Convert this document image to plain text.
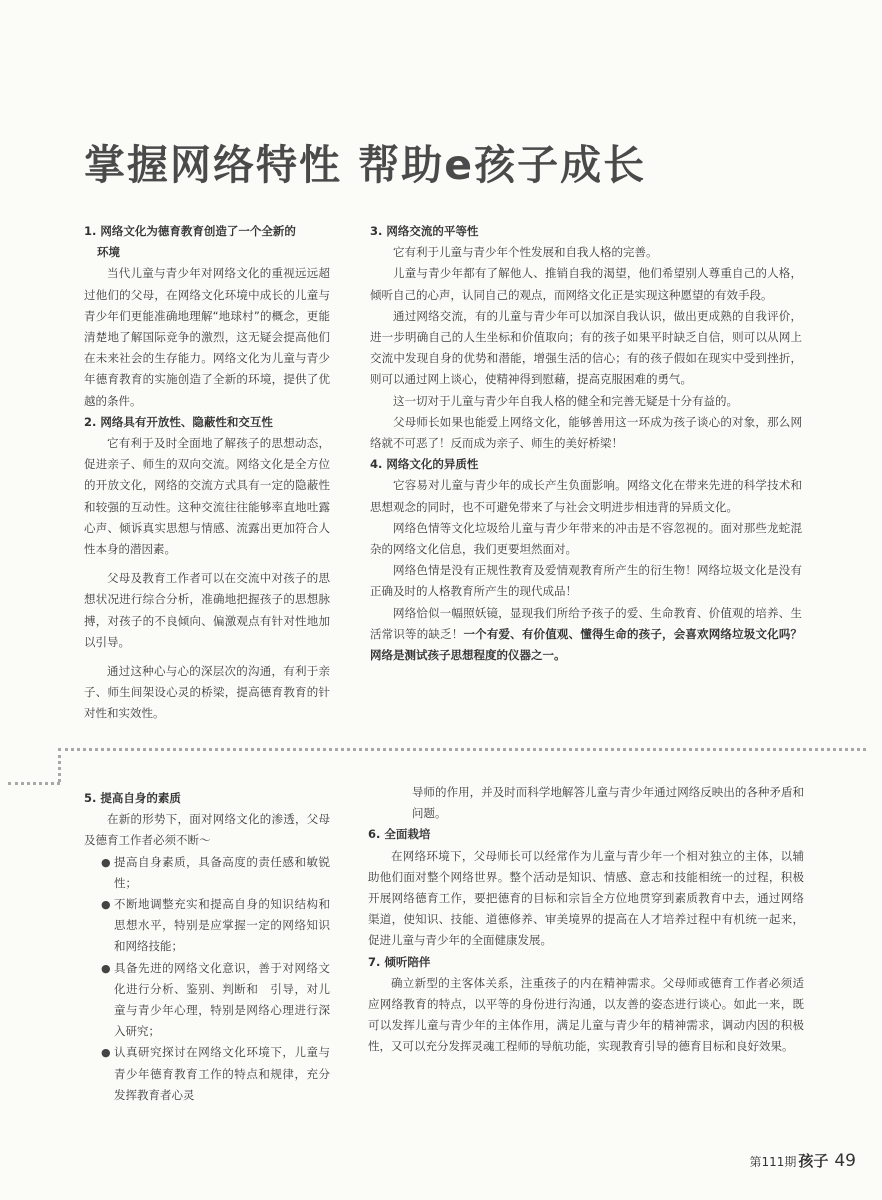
掌握网络特性 帮助e孩子成长

1. 网络文化为德育教育创造了一个全新的

环境

当代儿童与青少年对网络文化的重视远远超过他们的父母，在网络文化环境中成长的儿童与青少年们更能准确地理解“地球村”的概念，更能清楚地了解国际竞争的激烈，这无疑会提高他们在未来社会的生存能力。网络文化为儿童与青少年德育教育的实施创造了全新的环境，提供了优越的条件。

2. 网络具有开放性、隐蔽性和交互性

它有利于及时全面地了解孩子的思想动态，促进亲子、师生的双向交流。网络文化是全方位的开放文化，网络的交流方式具有一定的隐蔽性和较强的互动性。这种交流往往能够率直地吐露心声、倾诉真实思想与情感、流露出更加符合人性本身的潜因素。

父母及教育工作者可以在交流中对孩子的思想状况进行综合分析，准确地把握孩子的思想脉搏，对孩子的不良倾向、偏激观点有针对性地加以引导。

通过这种心与心的深层次的沟通，有利于亲子、师生间架设心灵的桥梁，提高德育教育的针对性和实效性。

3. 网络交流的平等性

它有利于儿童与青少年个性发展和自我人格的完善。

儿童与青少年都有了解他人、推销自我的渴望，他们希望别人尊重自己的人格，倾听自己的心声，认同自己的观点，而网络文化正是实现这种愿望的有效手段。

通过网络交流，有的儿童与青少年可以加深自我认识，做出更成熟的自我评价，进一步明确自己的人生坐标和价值取向；有的孩子如果平时缺乏自信，则可以从网上交流中发现自身的优势和潜能，增强生活的信心；有的孩子假如在现实中受到挫折，则可以通过网上谈心，使精神得到慰藉，提高克服困难的勇气。

这一切对于儿童与青少年自我人格的健全和完善无疑是十分有益的。

父母师长如果也能爱上网络文化，能够善用这一环成为孩子谈心的对象，那么网络就不可恶了！反而成为亲子、师生的美好桥梁！

4. 网络文化的异质性

它容易对儿童与青少年的成长产生负面影响。网络文化在带来先进的科学技术和思想观念的同时，也不可避免带来了与社会文明进步相违背的异质文化。

网络色情等文化垃圾给儿童与青少年带来的冲击是不容忽视的。面对那些龙蛇混杂的网络文化信息，我们更要坦然面对。

网络色情是没有正规性教育及爱情观教育所产生的衍生物！网络垃圾文化是没有正确及时的人格教育所产生的现代成品！

网络恰似一幅照妖镜，显现我们所给予孩子的爱、生命教育、价值观的培养、生活常识等的缺乏！一个有爱、有价值观、懂得生命的孩子，会喜欢网络垃圾文化吗？网络是测试孩子思想程度的仪器之一。

5. 提高自身的素质

在新的形势下，面对网络文化的渗透，父母及德育工作者必须不断～

● 提高自身素质，具备高度的责任感和敏锐性；

● 不断地调整充实和提高自身的知识结构和思想水平，特别是应掌握一定的网络知识和网络技能；

● 具备先进的网络文化意识，善于对网络文化进行分析、鉴别、判断和　引导，对儿童与青少年心理，特别是网络心理进行深入研究；

● 认真研究探讨在网络文化环境下，儿童与青少年德育教育工作的特点和规律，充分发挥教育者心灵

导师的作用，并及时而科学地解答儿童与青少年通过网络反映出的各种矛盾和问题。

6. 全面栽培

在网络环境下，父母师长可以经常作为儿童与青少年一个相对独立的主体，以辅助他们面对整个网络世界。整个活动是知识、情感、意志和技能相统一的过程，积极开展网络德育工作，要把德育的目标和宗旨全方位地贯穿到素质教育中去，通过网络渠道，使知识、技能、道德修养、审美境界的提高在人才培养过程中有机统一起来，促进儿童与青少年的全面健康发展。

7. 倾听陪伴

确立新型的主客体关系，注重孩子的内在精神需求。父母师或德育工作者必须适应网络教育的特点，以平等的身份进行沟通，以友善的姿态进行谈心。如此一来，既可以发挥儿童与青少年的主体作用，满足儿童与青少年的精神需求，调动内因的积极性，又可以充分发挥灵魂工程师的导航功能，实现教育引导的德育目标和良好效果。

第111期 孩子 49
